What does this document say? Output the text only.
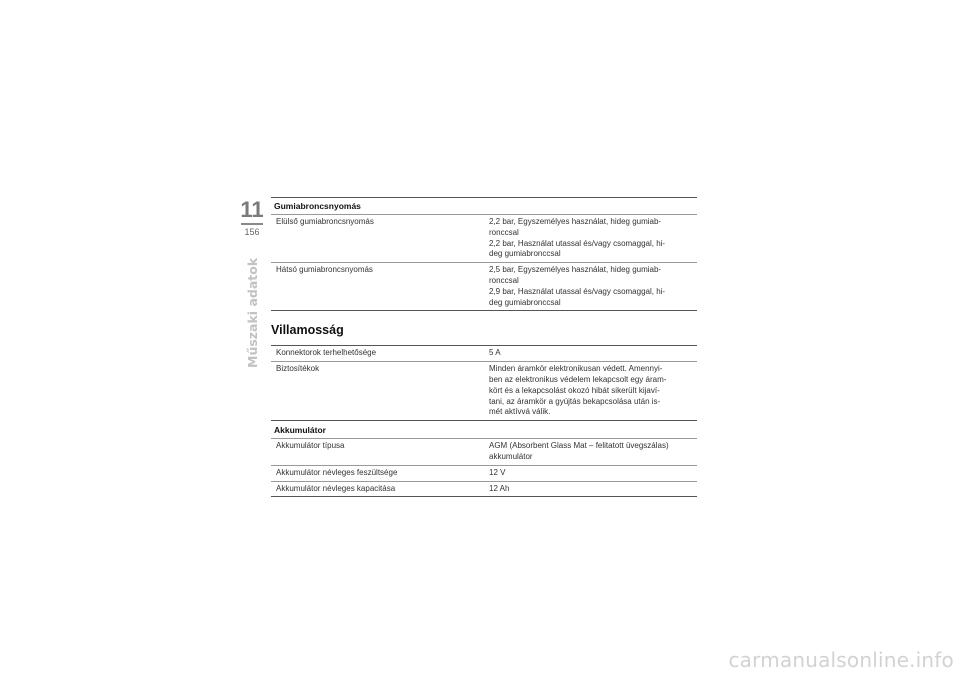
11
156
Műszaki adatok
Gumiabroncsnyomás
Elülső gumiabroncsnyomás	2,2 bar, Egyszemélyes használat, hideg gumiab-
roncсsal
2,2 bar, Használat utassal és/vagy csomaggal, hi-
deg gumiabroncсsal
Hátsó gumiabroncsnyomás	2,5 bar, Egyszemélyes használat, hideg gumiab-
roncсsal
2,9 bar, Használat utassal és/vagy csomaggal, hi-
deg gumiabroncсsal
Villamosság
Konnektorok terhelhetősége	5 A
Biztosítékok	Minden áramkör elektronikusan védett. Amennyi-
ben az elektronikus védelem lekapcsolt egy áram-
kört és a lekapcsolást okozó hibát sikerült kijaví-
tani, az áramkör a gyújtás bekapcsolása után is-
mét aktívvá válik.
Akkumulátor
Akkumulátor típusa	AGM (Absorbent Glass Mat – felitatott üvegszálas)
akkumulátor
Akkumulátor névleges feszültsége	12 V
Akkumulátor névleges kapacitása	12 Ah
carmanualsonline.info
